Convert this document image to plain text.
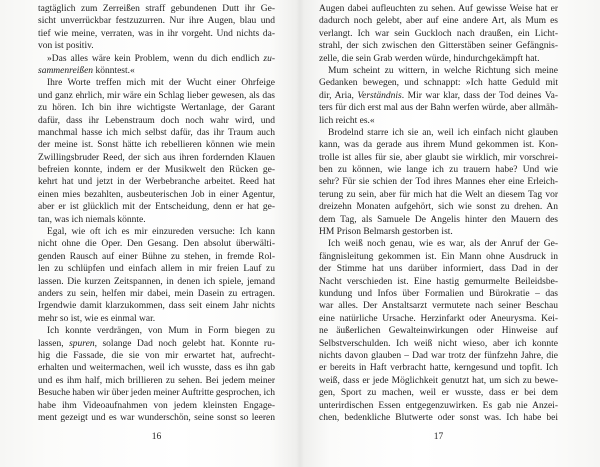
tagtäglich zum Zerreißen straff gebundenen Dutt ihr Ge-
sicht unverrückbar festzuzurren. Nur ihre Augen, blau und
tief wie meine, verraten, was in ihr vorgeht. Und nichts da-
von ist positiv.
»Das alles wäre kein Problem, wenn du dich endlich zu-
sammenreißen könntest.«
Ihre Worte treffen mich mit der Wucht einer Ohrfeige
und ganz ehrlich, mir wäre ein Schlag lieber gewesen, als das
zu hören. Ich bin ihre wichtigste Wertanlage, der Garant
dafür, dass ihr Lebenstraum doch noch wahr wird, und
manchmal hasse ich mich selbst dafür, das ihr Traum auch
der meine ist. Sonst hätte ich rebellieren können wie mein
Zwillingsbruder Reed, der sich aus ihren fordernden Klauen
befreien konnte, indem er der Musikwelt den Rücken ge-
kehrt hat und jetzt in der Werbebranche arbeitet. Reed hat
einen mies bezahlten, ausbeuterischen Job in einer Agentur,
aber er ist glücklich mit der Entscheidung, denn er hat ge-
tan, was ich niemals könnte.
Egal, wie oft ich es mir einzureden versuche: Ich kann
nicht ohne die Oper. Den Gesang. Den absolut überwälti-
genden Rausch auf einer Bühne zu stehen, in fremde Rol-
len zu schlüpfen und einfach allem in mir freien Lauf zu
lassen. Die kurzen Zeitspannen, in denen ich spiele, jemand
anders zu sein, helfen mir dabei, mein Dasein zu ertragen.
Irgendwie damit klarzukommen, dass seit einem Jahr nichts
mehr so ist, wie es einmal war.
Ich konnte verdrängen, von Mum in Form biegen zu
lassen, spuren, solange Dad noch gelebt hat. Konnte ru-
hig die Fassade, die sie von mir erwartet hat, aufrecht-
erhalten und weitermachen, weil ich wusste, dass es ihn gab
und es ihm half, mich brillieren zu sehen. Bei jedem meiner
Besuche haben wir über jeden meiner Auftritte gesprochen, ich
habe ihm Videoaufnahmen von jedem kleinsten Engage-
ment gezeigt und es war wunderschön, seine sonst so leeren
16
Augen dabei aufleuchten zu sehen. Auf gewisse Weise hat er
dadurch noch gelebt, aber auf eine andere Art, als Mum es
verlangt. Ich war sein Guckloch nach draußen, ein Licht-
strahl, der sich zwischen den Gitterstäben seiner Gefängnis-
zelle, die sein Grab werden würde, hindurchgekämpft hat.
Mum scheint zu wittern, in welche Richtung sich meine
Gedanken bewegen, und schnappt: »Ich hatte Geduld mit
dir, Aria, Verständnis. Mir war klar, dass der Tod deines Va-
ters für dich erst mal aus der Bahn werfen würde, aber allmäh-
lich reicht es.«
Brodelnd starre ich sie an, weil ich einfach nicht glauben
kann, was da gerade aus ihrem Mund gekommen ist. Kon-
trolle ist alles für sie, aber glaubt sie wirklich, mir vorschrei-
ben zu können, wie lange ich zu trauern habe? Und wie
sehr? Für sie schien der Tod ihres Mannes eher eine Erleich-
terung zu sein, aber für mich hat die Welt an diesem Tag vor
dreizehn Monaten aufgehört, sich wie sonst zu drehen. An
dem Tag, als Samuele De Angelis hinter den Mauern des
HM Prison Belmarsh gestorben ist.
Ich weiß noch genau, wie es war, als der Anruf der Ge-
fängnisleitung gekommen ist. Ein Mann ohne Ausdruck in
der Stimme hat uns darüber informiert, dass Dad in der
Nacht verschieden ist. Eine hastig gemurmelte Beileidsbe-
kundung und Infos über Formalien und Bürokratie – das
war alles. Der Anstaltsarzt vermutete nach seiner Beschau
eine natürliche Ursache. Herzinfarkt oder Aneurysma. Kei-
ne äußerlichen Gewalteinwirkungen oder Hinweise auf
Selbstverschulden. Ich weiß nicht wieso, aber ich konnte
nichts davon glauben – Dad war trotz der fünfzehn Jahre, die
er bereits in Haft verbracht hatte, kerngesund und topfit. Ich
weiß, dass er jede Möglichkeit genutzt hat, um sich zu bewe-
gen, Sport zu machen, weil er wusste, dass er bei dem
unterirdischen Essen entgegenzuwirken. Es gab nie Anzei-
chen, bedenkliche Blutwerte oder sonst was. Ich habe bei
17
